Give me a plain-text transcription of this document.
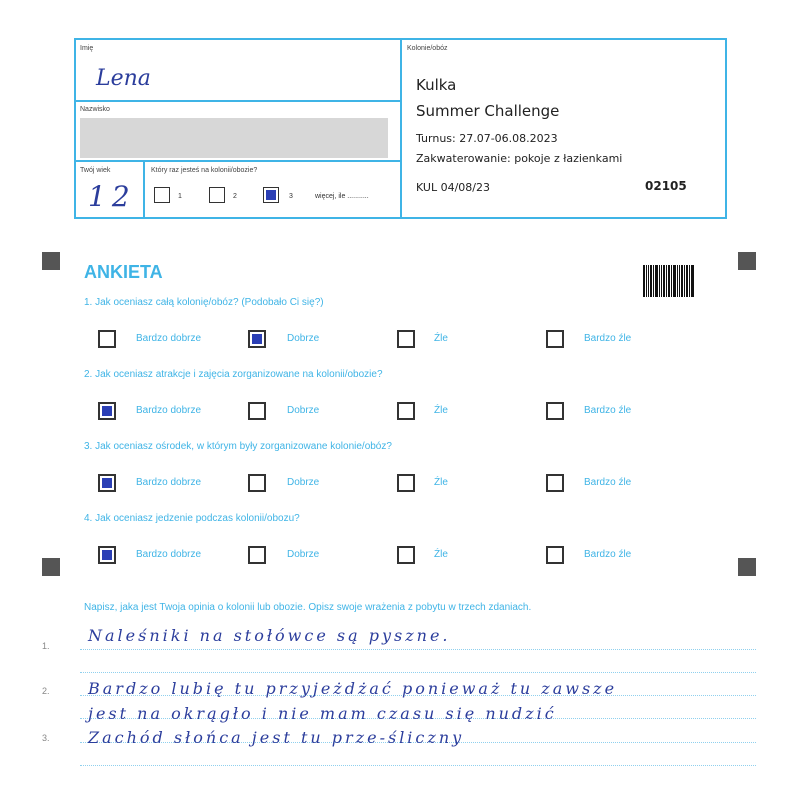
Imię
Lena
Nazwisko
Twój wiek
12
Który raz jesteś na kolonii/obozie?
1	2	3	więcej, ile ...........
Kolonie/obóz
Kulka
Summer Challenge
Turnus: 27.07-06.08.2023
Zakwaterowanie: pokoje z łazienkami
KUL 04/08/23	02105
ANKIETA
1. Jak oceniasz całą kolonię/obóz? (Podobało Ci się?)
2. Jak oceniasz atrakcje i zajęcia zorganizowane na kolonii/obozie?
3. Jak oceniasz ośrodek, w którym były zorganizowane kolonie/obóz?
4. Jak oceniasz jedzenie podczas kolonii/obozu?
Bardzo dobrze	Dobrze	Źle	Bardzo źle
Bardzo dobrze	Dobrze	Źle	Bardzo źle
Bardzo dobrze	Dobrze	Źle	Bardzo źle
Bardzo dobrze	Dobrze	Źle	Bardzo źle
Napisz, jaka jest Twoja opinia o kolonii lub obozie. Opisz swoje wrażenia z pobytu w trzech zdaniach.
1.
2.
3.
Naleśniki na stołówce są pyszne.
Bardzo lubię tu przyjeżdżać ponieważ tu zawsze
jest na okrągło i nie mam czasu się nudzić
Zachód słońca jest tu prze-śliczny
